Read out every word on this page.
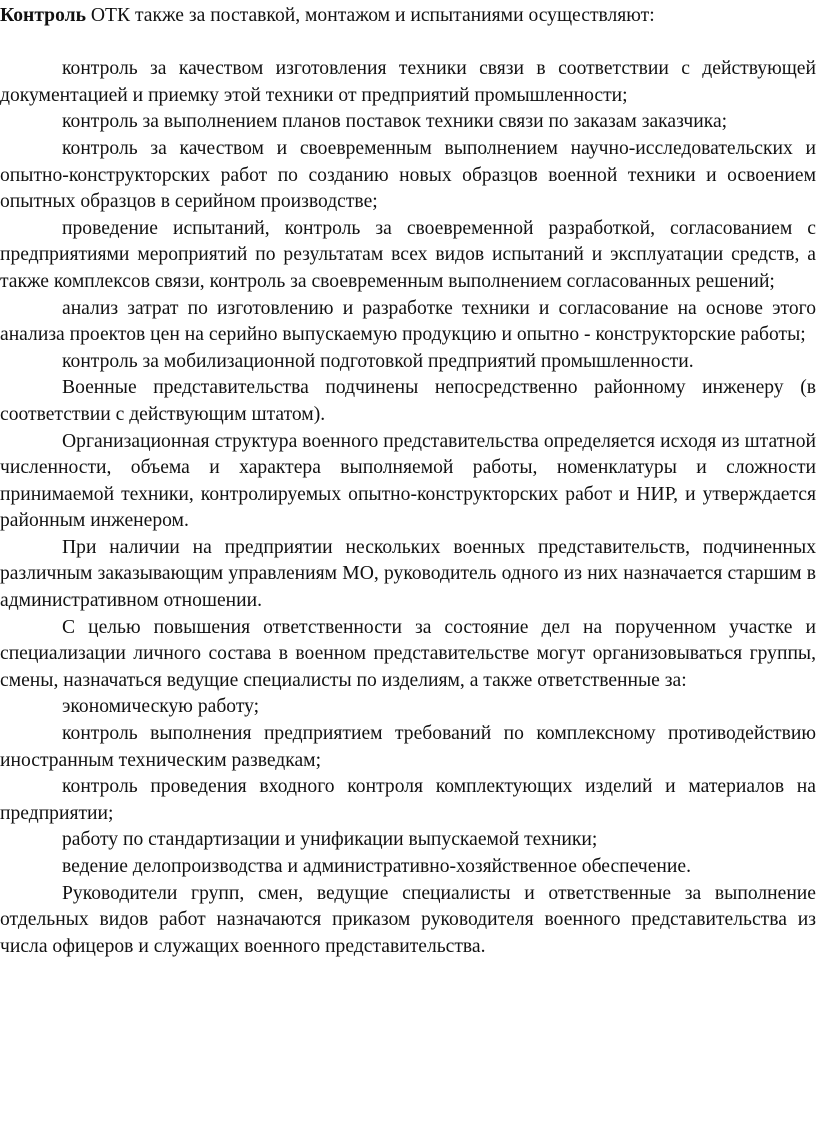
Контроль ОТК также за поставкой, монтажом и испытаниями осуществляют:

контроль за качеством изготовления техники связи в соответствии с действующей документацией и приемку этой техники от предприятий промышленности;

контроль за выполнением планов поставок техники связи по заказам заказчика;

контроль за качеством и своевременным выполнением научно-исследовательских и опытно-конструкторских работ по созданию новых образцов военной техники и освоением опытных образцов в серийном производстве;

проведение испытаний, контроль за своевременной разработкой, согласованием с предприятиями мероприятий по результатам всех видов испытаний и эксплуатации средств, а также комплексов связи, контроль за своевременным выполнением согласованных решений;

анализ затрат по изготовлению и разработке техники и согласование на основе этого анализа проектов цен на серийно выпускаемую продукцию и опытно - конструкторские работы;

контроль за мобилизационной подготовкой предприятий промышленности.

Военные представительства подчинены непосредственно районному инженеру (в соответствии с действующим штатом).

Организационная структура военного представительства определяется исходя из штатной численности, объема и характера выполняемой работы, номенклатуры и сложности принимаемой техники, контролируемых опытно-конструкторских работ и НИР, и утверждается районным инженером.

При наличии на предприятии нескольких военных представительств, подчиненных различным заказывающим управлениям МО, руководитель одного из них назначается старшим в административном отношении.

С целью повышения ответственности за состояние дел на порученном участке и специализации личного состава в военном представительстве могут организовываться группы, смены, назначаться ведущие специалисты по изделиям, а также ответственные за:

экономическую работу;

контроль выполнения предприятием требований по комплексному противодействию иностранным техническим разведкам;

контроль проведения входного контроля комплектующих изделий и материалов на предприятии;

работу по стандартизации и унификации выпускаемой техники;

ведение делопроизводства и административно-хозяйственное обеспечение.

Руководители групп, смен, ведущие специалисты и ответственные за выполнение отдельных видов работ назначаются приказом руководителя военного представительства из числа офицеров и служащих военного представительства.
